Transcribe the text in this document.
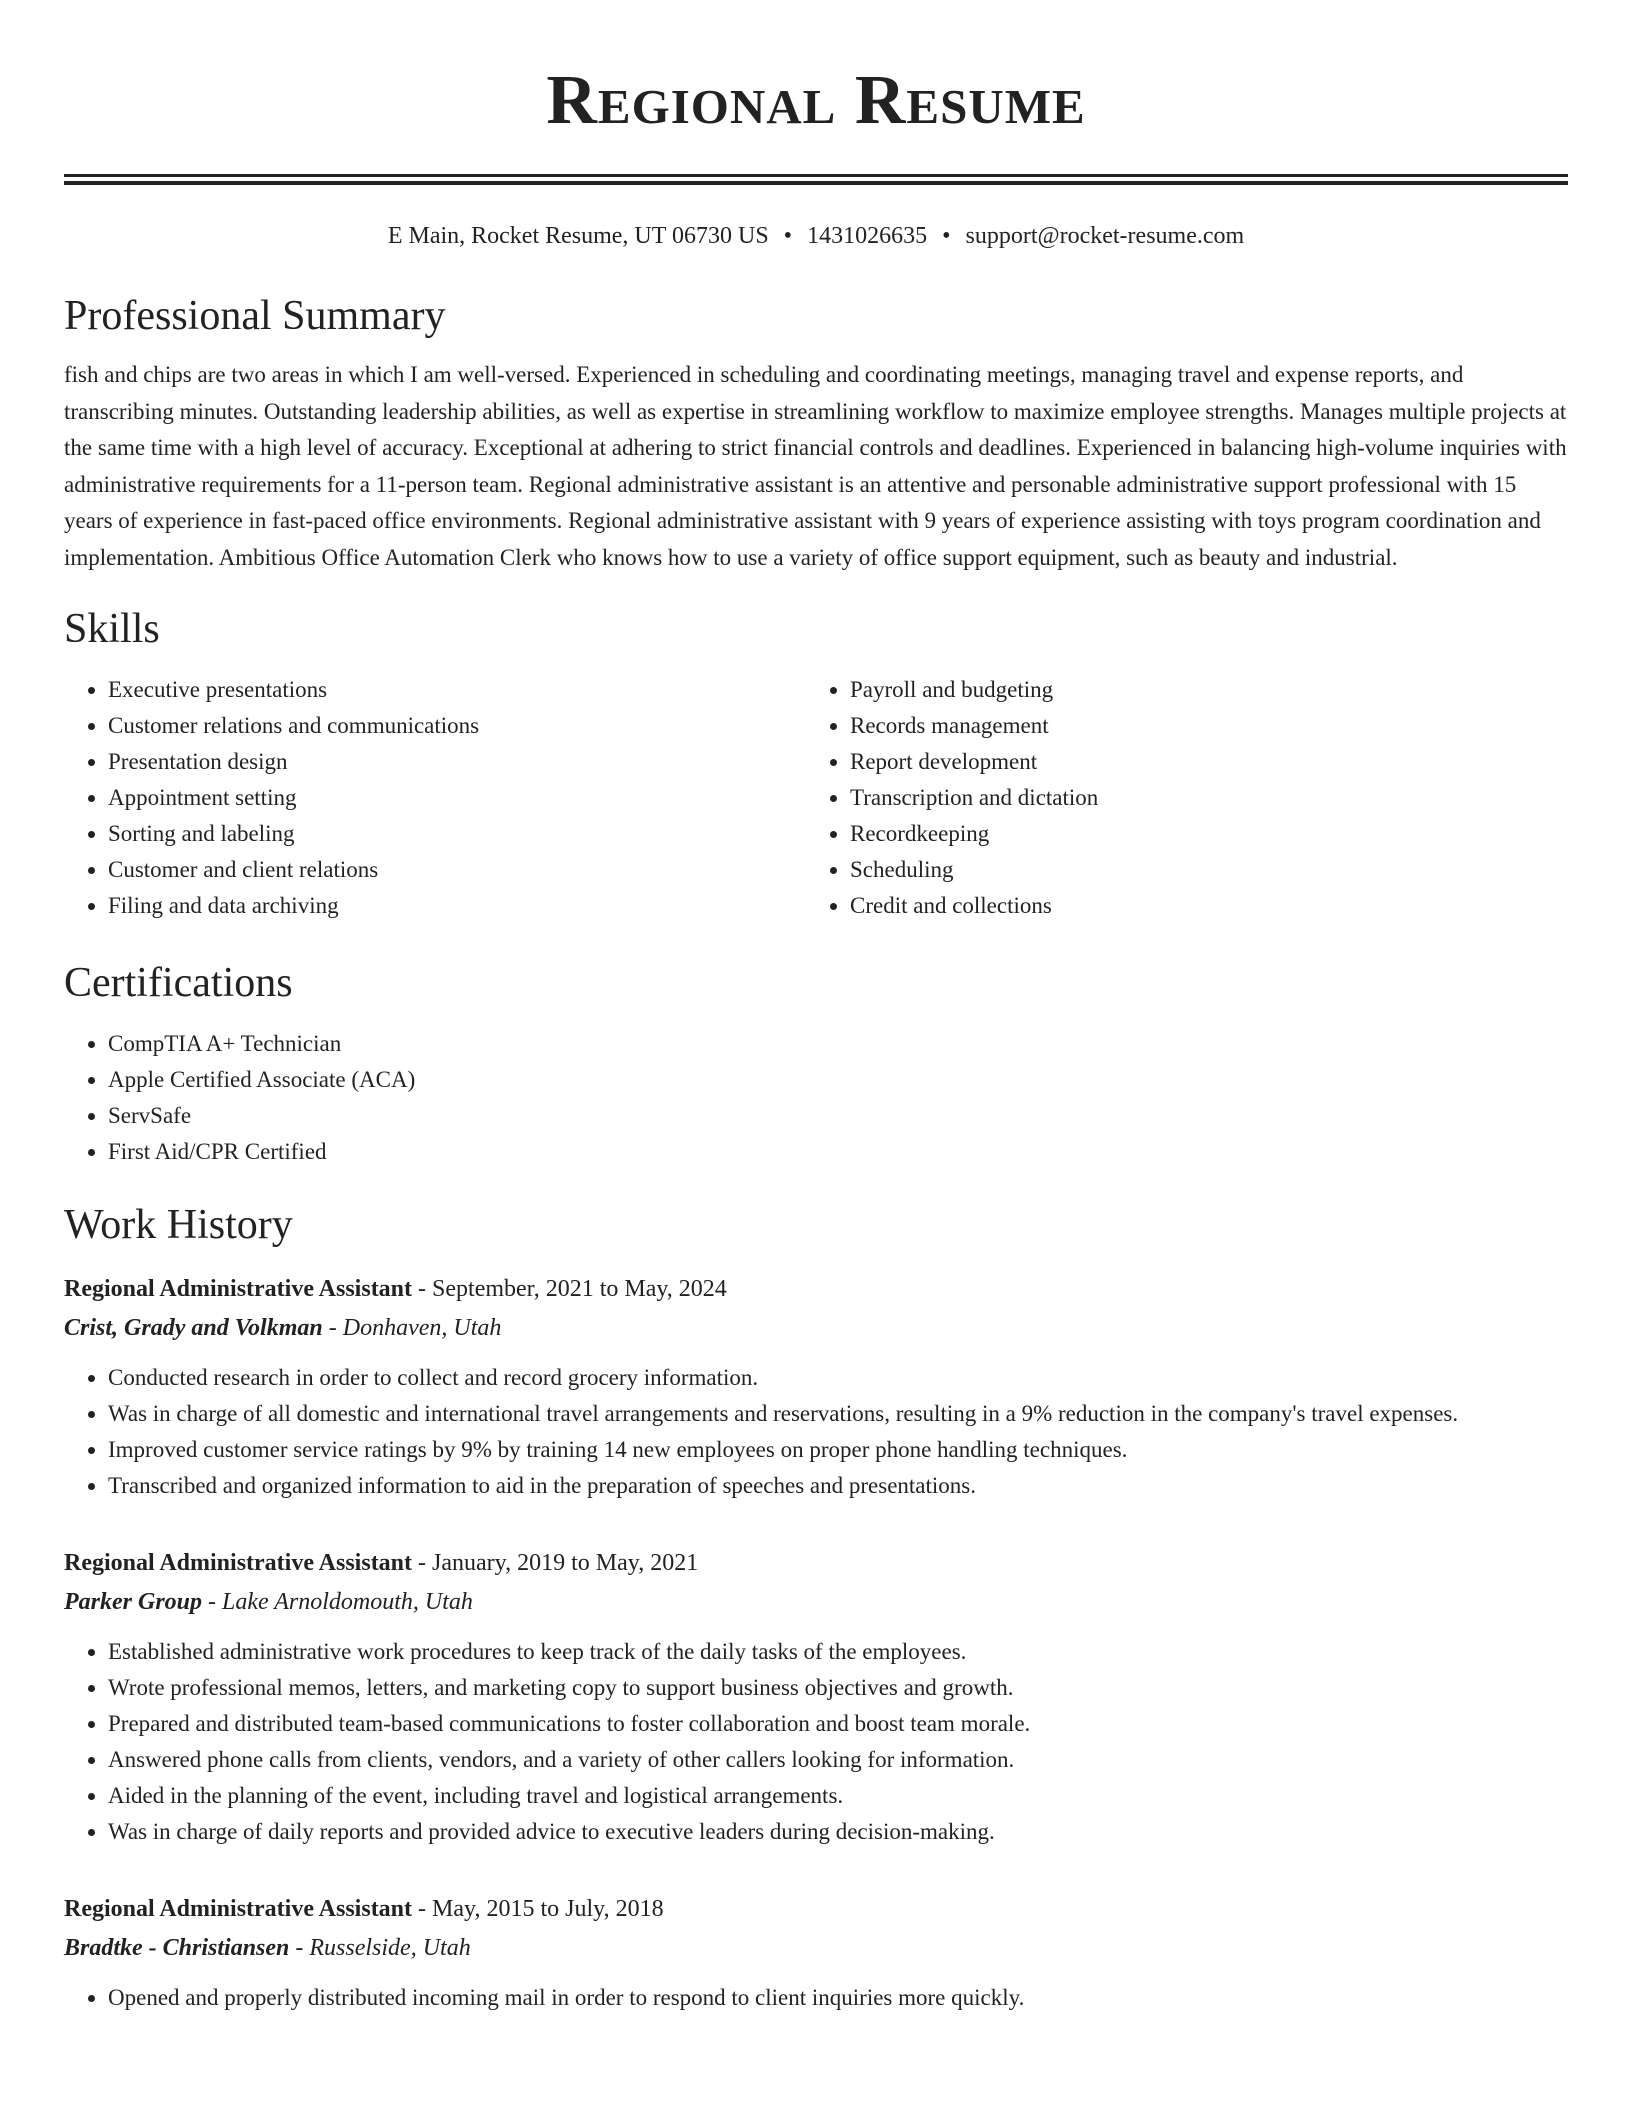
Regional Resume
E Main, Rocket Resume, UT 06730 US • 1431026635 • support@rocket-resume.com
Professional Summary

fish and chips are two areas in which I am well-versed. Experienced in scheduling and coordinating meetings, managing travel and expense reports, and transcribing minutes. Outstanding leadership abilities, as well as expertise in streamlining workflow to maximize employee strengths. Manages multiple projects at the same time with a high level of accuracy. Exceptional at adhering to strict financial controls and deadlines. Experienced in balancing high-volume inquiries with administrative requirements for a 11-person team. Regional administrative assistant is an attentive and personable administrative support professional with 15 years of experience in fast-paced office environments. Regional administrative assistant with 9 years of experience assisting with toys program coordination and implementation. Ambitious Office Automation Clerk who knows how to use a variety of office support equipment, such as beauty and industrial.

Skills
• Executive presentations
• Customer relations and communications
• Presentation design
• Appointment setting
• Sorting and labeling
• Customer and client relations
• Filing and data archiving
• Payroll and budgeting
• Records management
• Report development
• Transcription and dictation
• Recordkeeping
• Scheduling
• Credit and collections
Certifications
• CompTIA A+ Technician
• Apple Certified Associate (ACA)
• ServSafe
• First Aid/CPR Certified
Work History
Regional Administrative Assistant - September, 2021 to May, 2024
Crist, Grady and Volkman - Donhaven, Utah
• Conducted research in order to collect and record grocery information.
• Was in charge of all domestic and international travel arrangements and reservations, resulting in a 9% reduction in the company's travel expenses.
• Improved customer service ratings by 9% by training 14 new employees on proper phone handling techniques.
• Transcribed and organized information to aid in the preparation of speeches and presentations.
Regional Administrative Assistant - January, 2019 to May, 2021
Parker Group - Lake Arnoldomouth, Utah
• Established administrative work procedures to keep track of the daily tasks of the employees.
• Wrote professional memos, letters, and marketing copy to support business objectives and growth.
• Prepared and distributed team-based communications to foster collaboration and boost team morale.
• Answered phone calls from clients, vendors, and a variety of other callers looking for information.
• Aided in the planning of the event, including travel and logistical arrangements.
• Was in charge of daily reports and provided advice to executive leaders during decision-making.
Regional Administrative Assistant - May, 2015 to July, 2018
Bradtke - Christiansen - Russelside, Utah
• Opened and properly distributed incoming mail in order to respond to client inquiries more quickly.
